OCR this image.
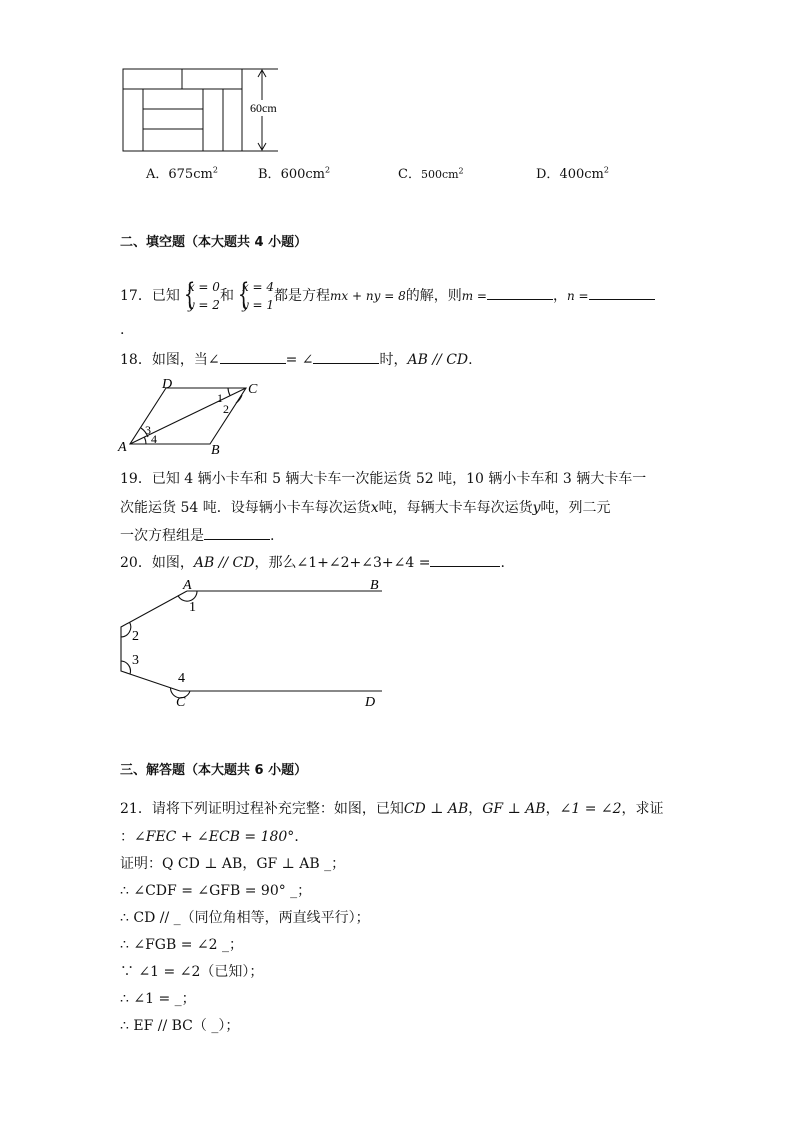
60cm
A．$675cm^2$	B．$600cm^2$	C．$500cm^2$	D．$400cm^2$
二、填空题（本大题共 4 小题）
17．已知 {
x = 0
y = 2
和 {
x = 4
y = 1
都是方程mx + ny = 8的解，则m =	，n =
.
18．如图，当∠	= ∠	时，AB // CD.
A	B
C
D
1
2
3
4
19．已知 4 辆小卡车和 5 辆大卡车一次能运货 52 吨，10 辆小卡车和 3 辆大卡车一
次能运货 54 吨．设每辆小卡车每次运货x吨，每辆大卡车每次运货y吨，列二元
一次方程组是	.
20．如图，AB // CD，那么∠1+∠2+∠3+∠4 =	.
A	B
C	D
1
2
3
4
三、解答题（本大题共 6 小题）
21．请将下列证明过程补充完整：如图，已知CD ⊥ AB，GF ⊥ AB，∠1 = ∠2，求证
：∠FEC + ∠ECB = 180°．
证明：Q CD ⊥ AB，GF ⊥ AB _；
∴ ∠CDF = ∠GFB = 90° _；
∴ CD // _（同位角相等，两直线平行）；
∴ ∠FGB = ∠2 _；
∵ ∠1 = ∠2（已知）；
∴ ∠1 = _；
∴ EF // BC（ _）；
